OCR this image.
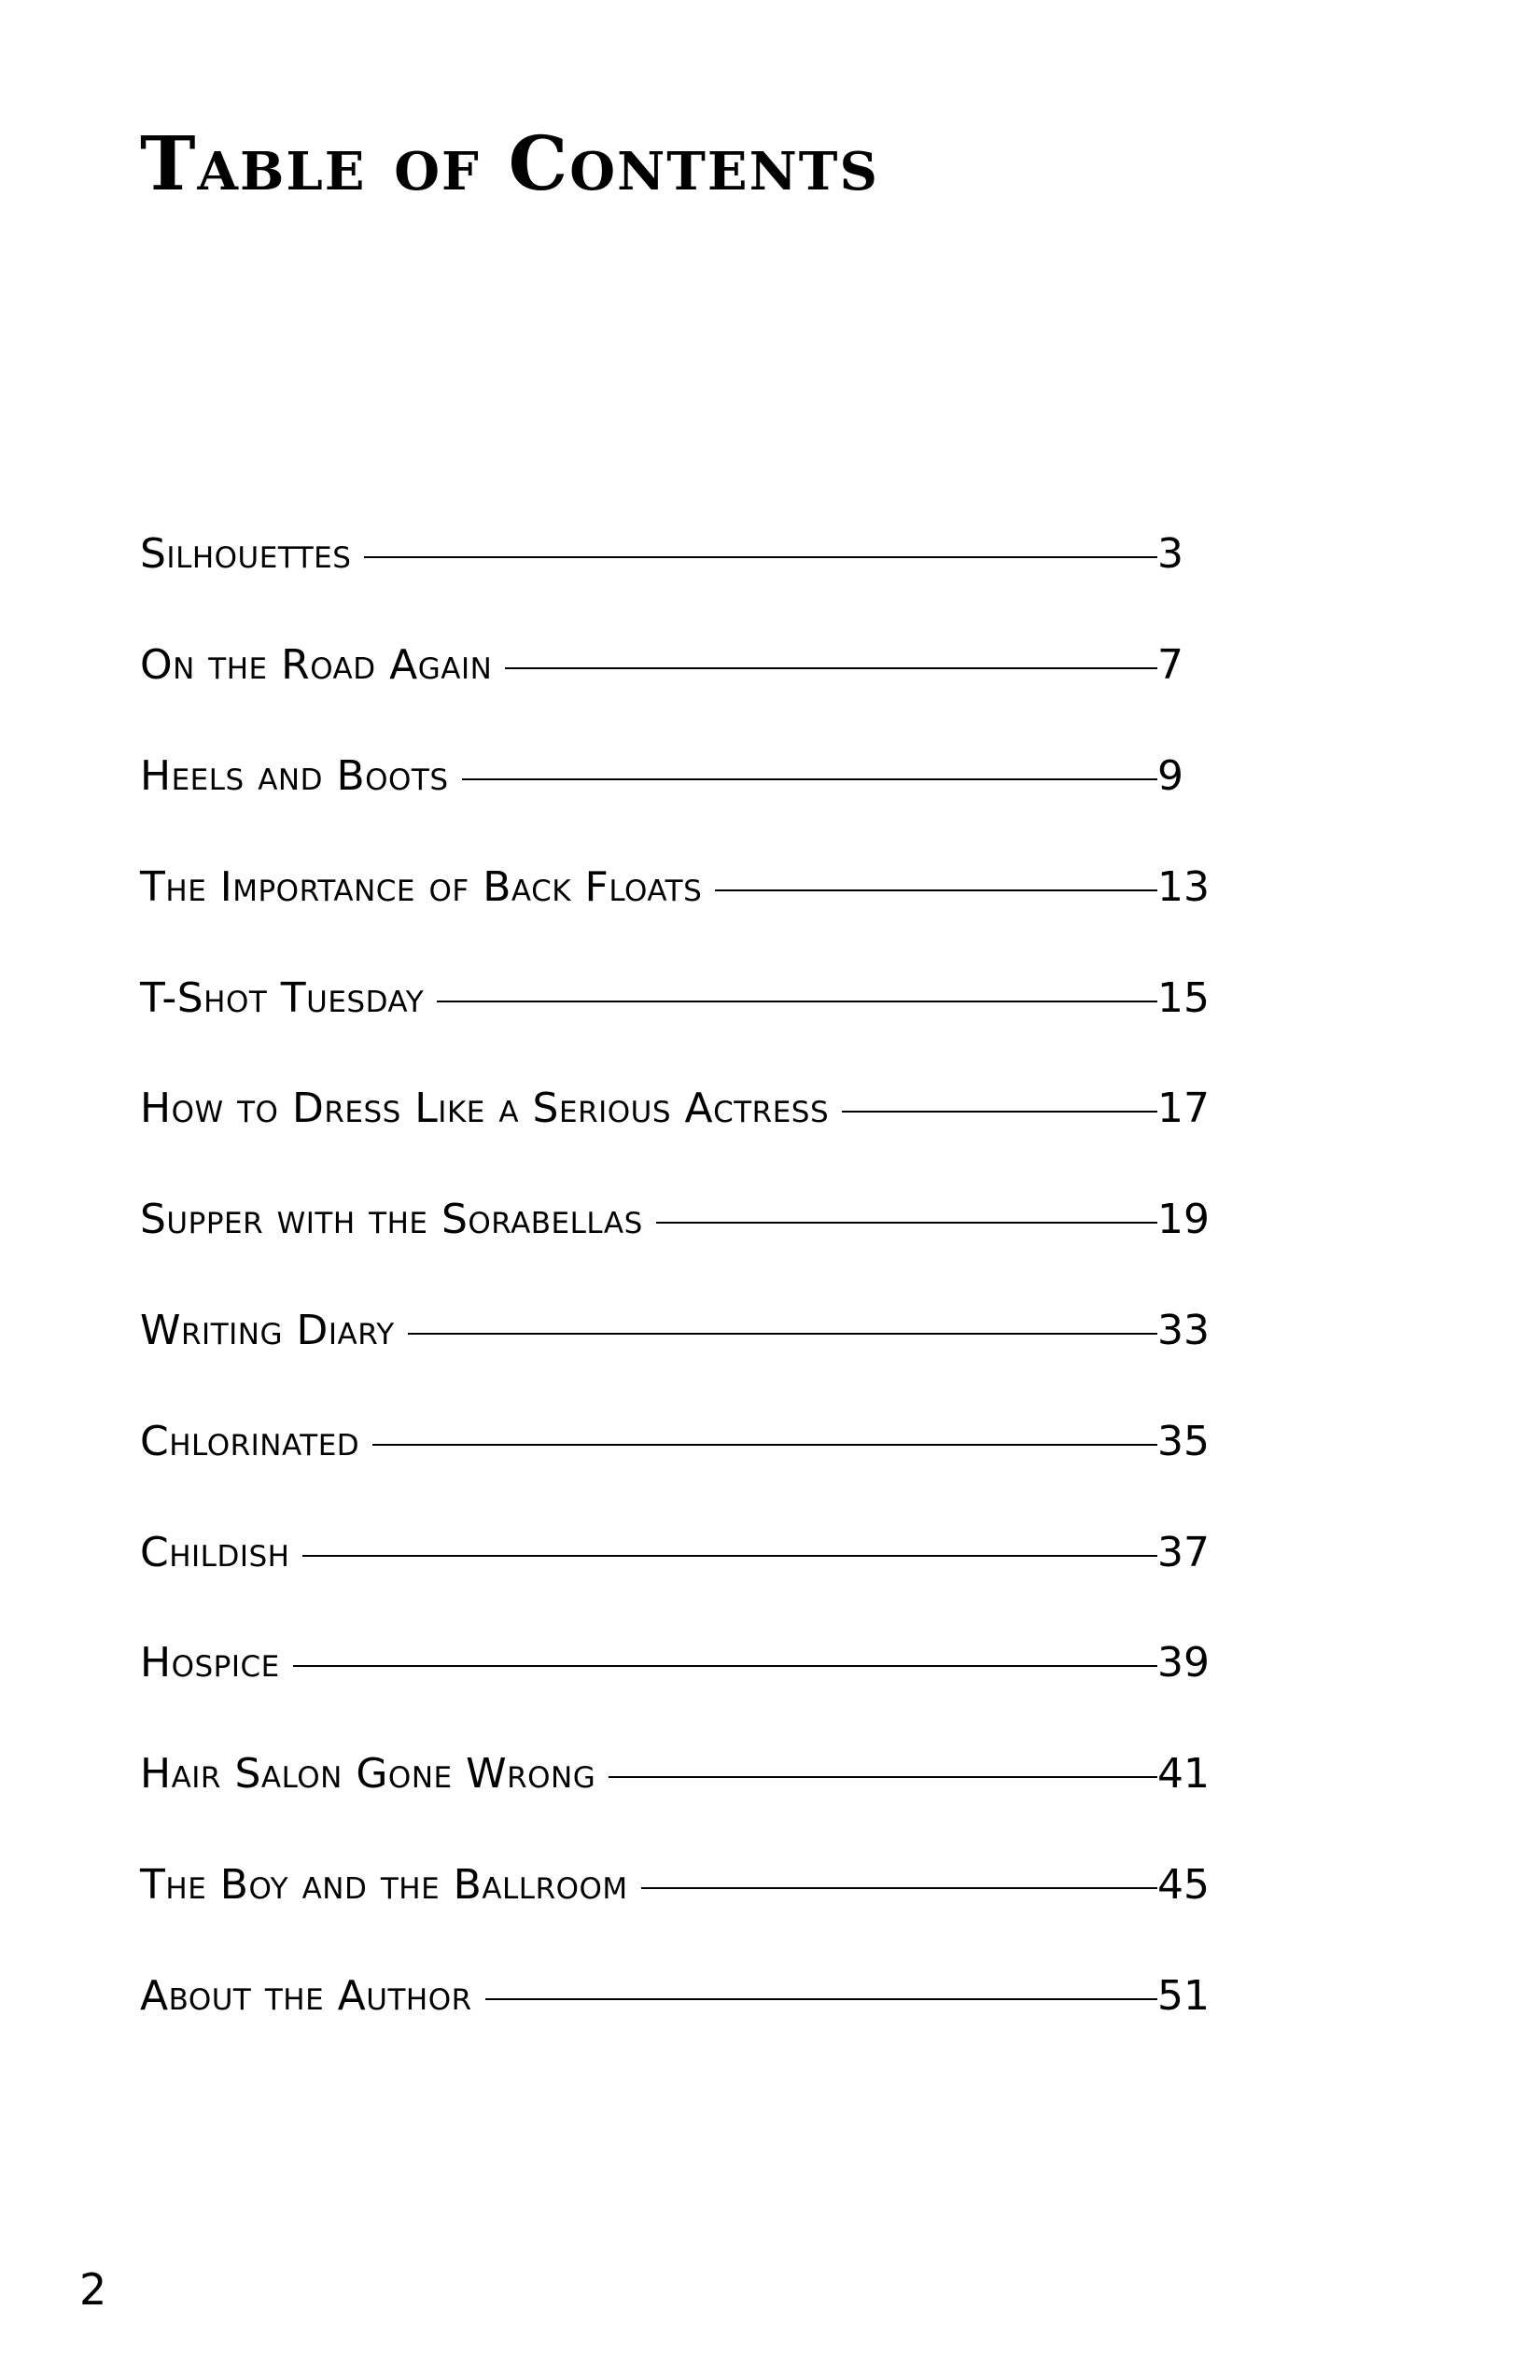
Table of Contents
Silhouettes	3
On the Road Again	7
Heels and Boots	9
The Importance of Back Floats	13
T-Shot Tuesday	15
How to Dress Like a Serious Actress	17
Supper with the Sorabellas	19
Writing Diary	33
Chlorinated	35
Childish	37
Hospice	39
Hair Salon Gone Wrong	41
The Boy and the Ballroom	45
About the Author	51
2
